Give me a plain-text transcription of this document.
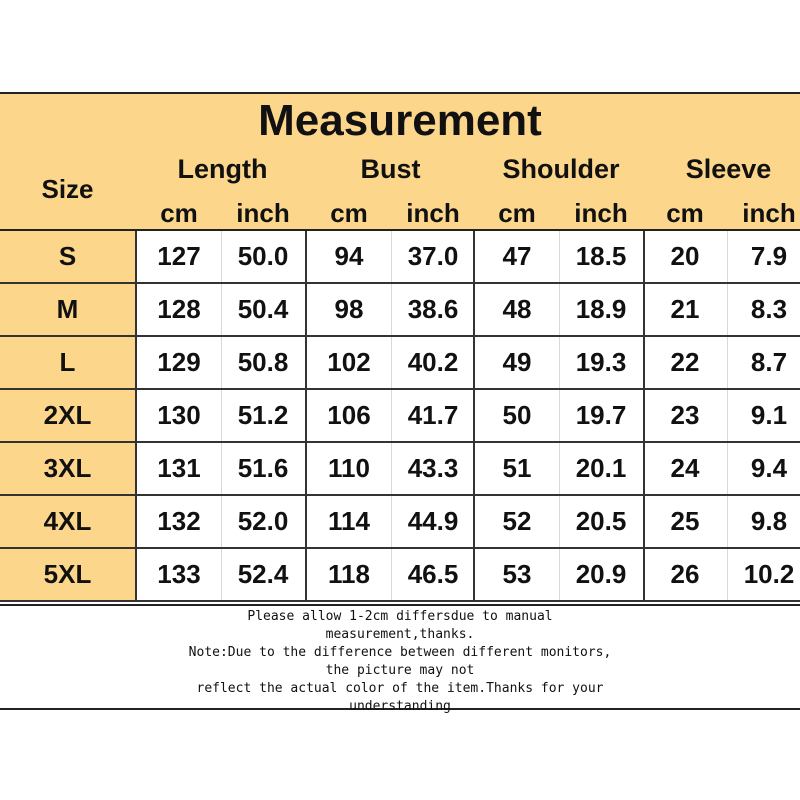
Measurement
Size
Length	Bust	Shoulder	Sleeve
cm	inch	cm	inch	cm	inch	cm	inch
S	127	50.0	94	37.0	47	18.5	20	7.9
M	128	50.4	98	38.6	48	18.9	21	8.3
L	129	50.8	102	40.2	49	19.3	22	8.7
2XL	130	51.2	106	41.7	50	19.7	23	9.1
3XL	131	51.6	110	43.3	51	20.1	24	9.4
4XL	132	52.0	114	44.9	52	20.5	25	9.8
5XL	133	52.4	118	46.5	53	20.9	26	10.2
Please allow 1-2cm differsdue to manual
measurement,thanks.
Note:Due to the difference between different monitors,
the picture may not
reflect the actual color of the item.Thanks for your
understanding
